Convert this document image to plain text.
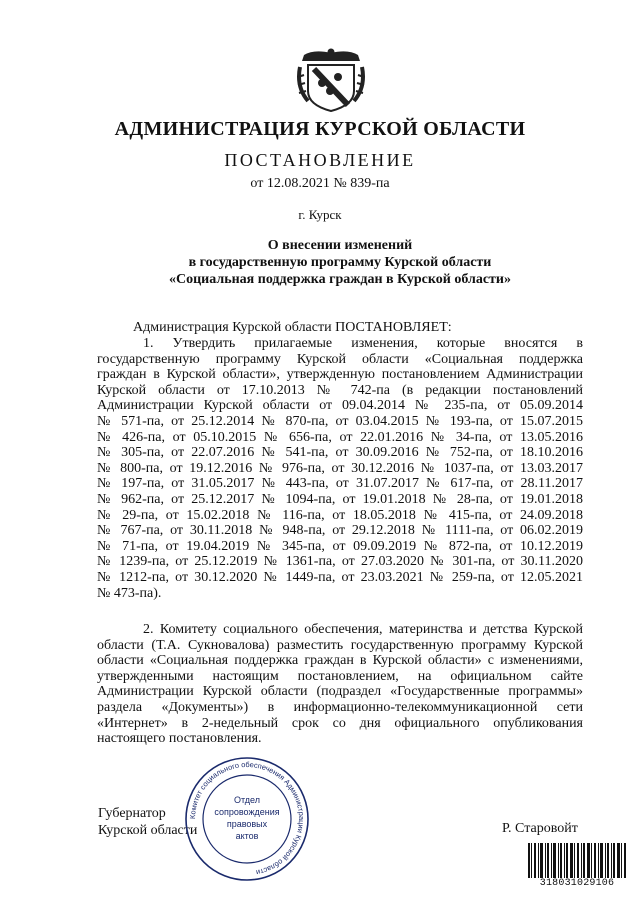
АДМИНИСТРАЦИЯ КУРСКОЙ ОБЛАСТИ
ПОСТАНОВЛЕНИЕ
от 12.08.2021 № 839-па
г. Курск
О внесении изменений
в государственную программу Курской области
«Социальная поддержка граждан в Курской области»
Администрация Курской области ПОСТАНОВЛЯЕТ:
1. Утвердить прилагаемые изменения, которые вносятся в
государственную программу Курской области «Социальная поддержка
граждан в Курской области», утвержденную постановлением Администрации
Курской области от 17.10.2013 № 742-па (в редакции постановлений
Администрации Курской области от 09.04.2014 № 235-па, от 05.09.2014
№ 571-па, от 25.12.2014 № 870-па, от 03.04.2015 № 193-па, от 15.07.2015
№ 426-па, от 05.10.2015 № 656-па, от 22.01.2016 № 34-па, от 13.05.2016
№ 305-па, от 22.07.2016 № 541-па, от 30.09.2016 № 752-па, от 18.10.2016
№ 800-па, от 19.12.2016 № 976-па, от 30.12.2016 № 1037-па, от 13.03.2017
№ 197-па, от 31.05.2017 № 443-па, от 31.07.2017 № 617-па, от 28.11.2017
№ 962-па, от 25.12.2017 № 1094-па, от 19.01.2018 № 28-па, от 19.01.2018
№ 29-па, от 15.02.2018 № 116-па, от 18.05.2018 № 415-па, от 24.09.2018
№ 767-па, от 30.11.2018 № 948-па, от 29.12.2018 № 1111-па, от 06.02.2019
№ 71-па, от 19.04.2019 № 345-па, от 09.09.2019 № 872-па, от 10.12.2019
№ 1239-па, от 25.12.2019 № 1361-па, от 27.03.2020 № 301-па, от 30.11.2020
№ 1212-па, от 30.12.2020 № 1449-па, от 23.03.2021 № 259-па, от 12.05.2021
№ 473-па).
2. Комитету социального обеспечения, материнства и детства Курской
области (Т.А. Сукновалова) разместить государственную программу Курской
области «Социальная поддержка граждан в Курской области» с изменениями,
утвержденными настоящим постановлением, на официальном сайте
Администрации Курской области (подраздел «Государственные программы»
раздела «Документы») в информационно-телекоммуникационной сети
«Интернет» в 2-недельный срок со дня официального опубликования
настоящего постановления.
Губернатор
Курской области	Р. Старовойт
Комитет социального обеспечения Администрации Курской области
Отдел
сопровождения
правовых
актов
318031029106
